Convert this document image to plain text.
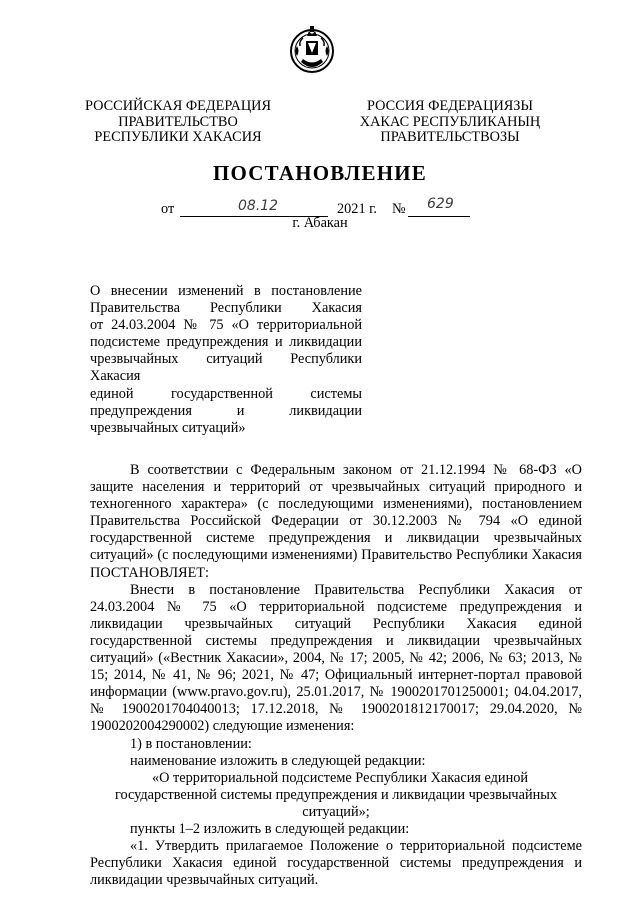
РОССИЙСКАЯ ФЕДЕРАЦИЯ
ПРАВИТЕЛЬСТВО
РЕСПУБЛИКИ ХАКАСИЯ
РОССИЯ ФЕДЕРАЦИЯЗЫ
ХАКАС РЕСПУБЛИКАНЫҢ
ПРАВИТЕЛЬСТВОЗЫ
ПОСТАНОВЛЕНИЕ
от	08.12	2021 г. № 629
г. Абакан
О внесении изменений в постановление
Правительства Республики Хакасия
от 24.03.2004 № 75 «О территориальной
подсистеме предупреждения и ликвидации
чрезвычайных ситуаций Республики Хакасия
единой государственной системы
предупреждения и ликвидации
чрезвычайных ситуаций»

В соответствии с Федеральным законом от 21.12.1994 № 68-ФЗ «О защите населения и территорий от чрезвычайных ситуаций природного и техногенного характера» (с последующими изменениями), постановлением Правительства Российской Федерации от 30.12.2003 № 794 «О единой государственной системе предупреждения и ликвидации чрезвычайных ситуаций» (с последующими изменениями) Правительство Республики Хакасия ПОСТАНОВЛЯЕТ:

Внести в постановление Правительства Республики Хакасия от 24.03.2004 № 75 «О территориальной подсистеме предупреждения и ликвидации чрезвычайных ситуаций Республики Хакасия единой государственной системы предупреждения и ликвидации чрезвычайных ситуаций» («Вестник Хакасии», 2004, № 17; 2005, № 42; 2006, № 63; 2013, № 15; 2014, № 41, № 96; 2021, № 47; Официальный интернет-портал правовой информации (www.pravo.gov.ru), 25.01.2017, № 1900201701250001; 04.04.2017, № 1900201704040013; 17.12.2018, № 1900201812170017; 29.04.2020, № 1900202004290002) следующие изменения:

1) в постановлении:

наименование изложить в следующей редакции:

«О территориальной подсистеме Республики Хакасия единой

государственной системы предупреждения и ликвидации чрезвычайных

ситуаций»;

пункты 1–2 изложить в следующей редакции:

«1. Утвердить прилагаемое Положение о территориальной подсистеме Республики Хакасия единой государственной системы предупреждения и ликвидации чрезвычайных ситуаций.
